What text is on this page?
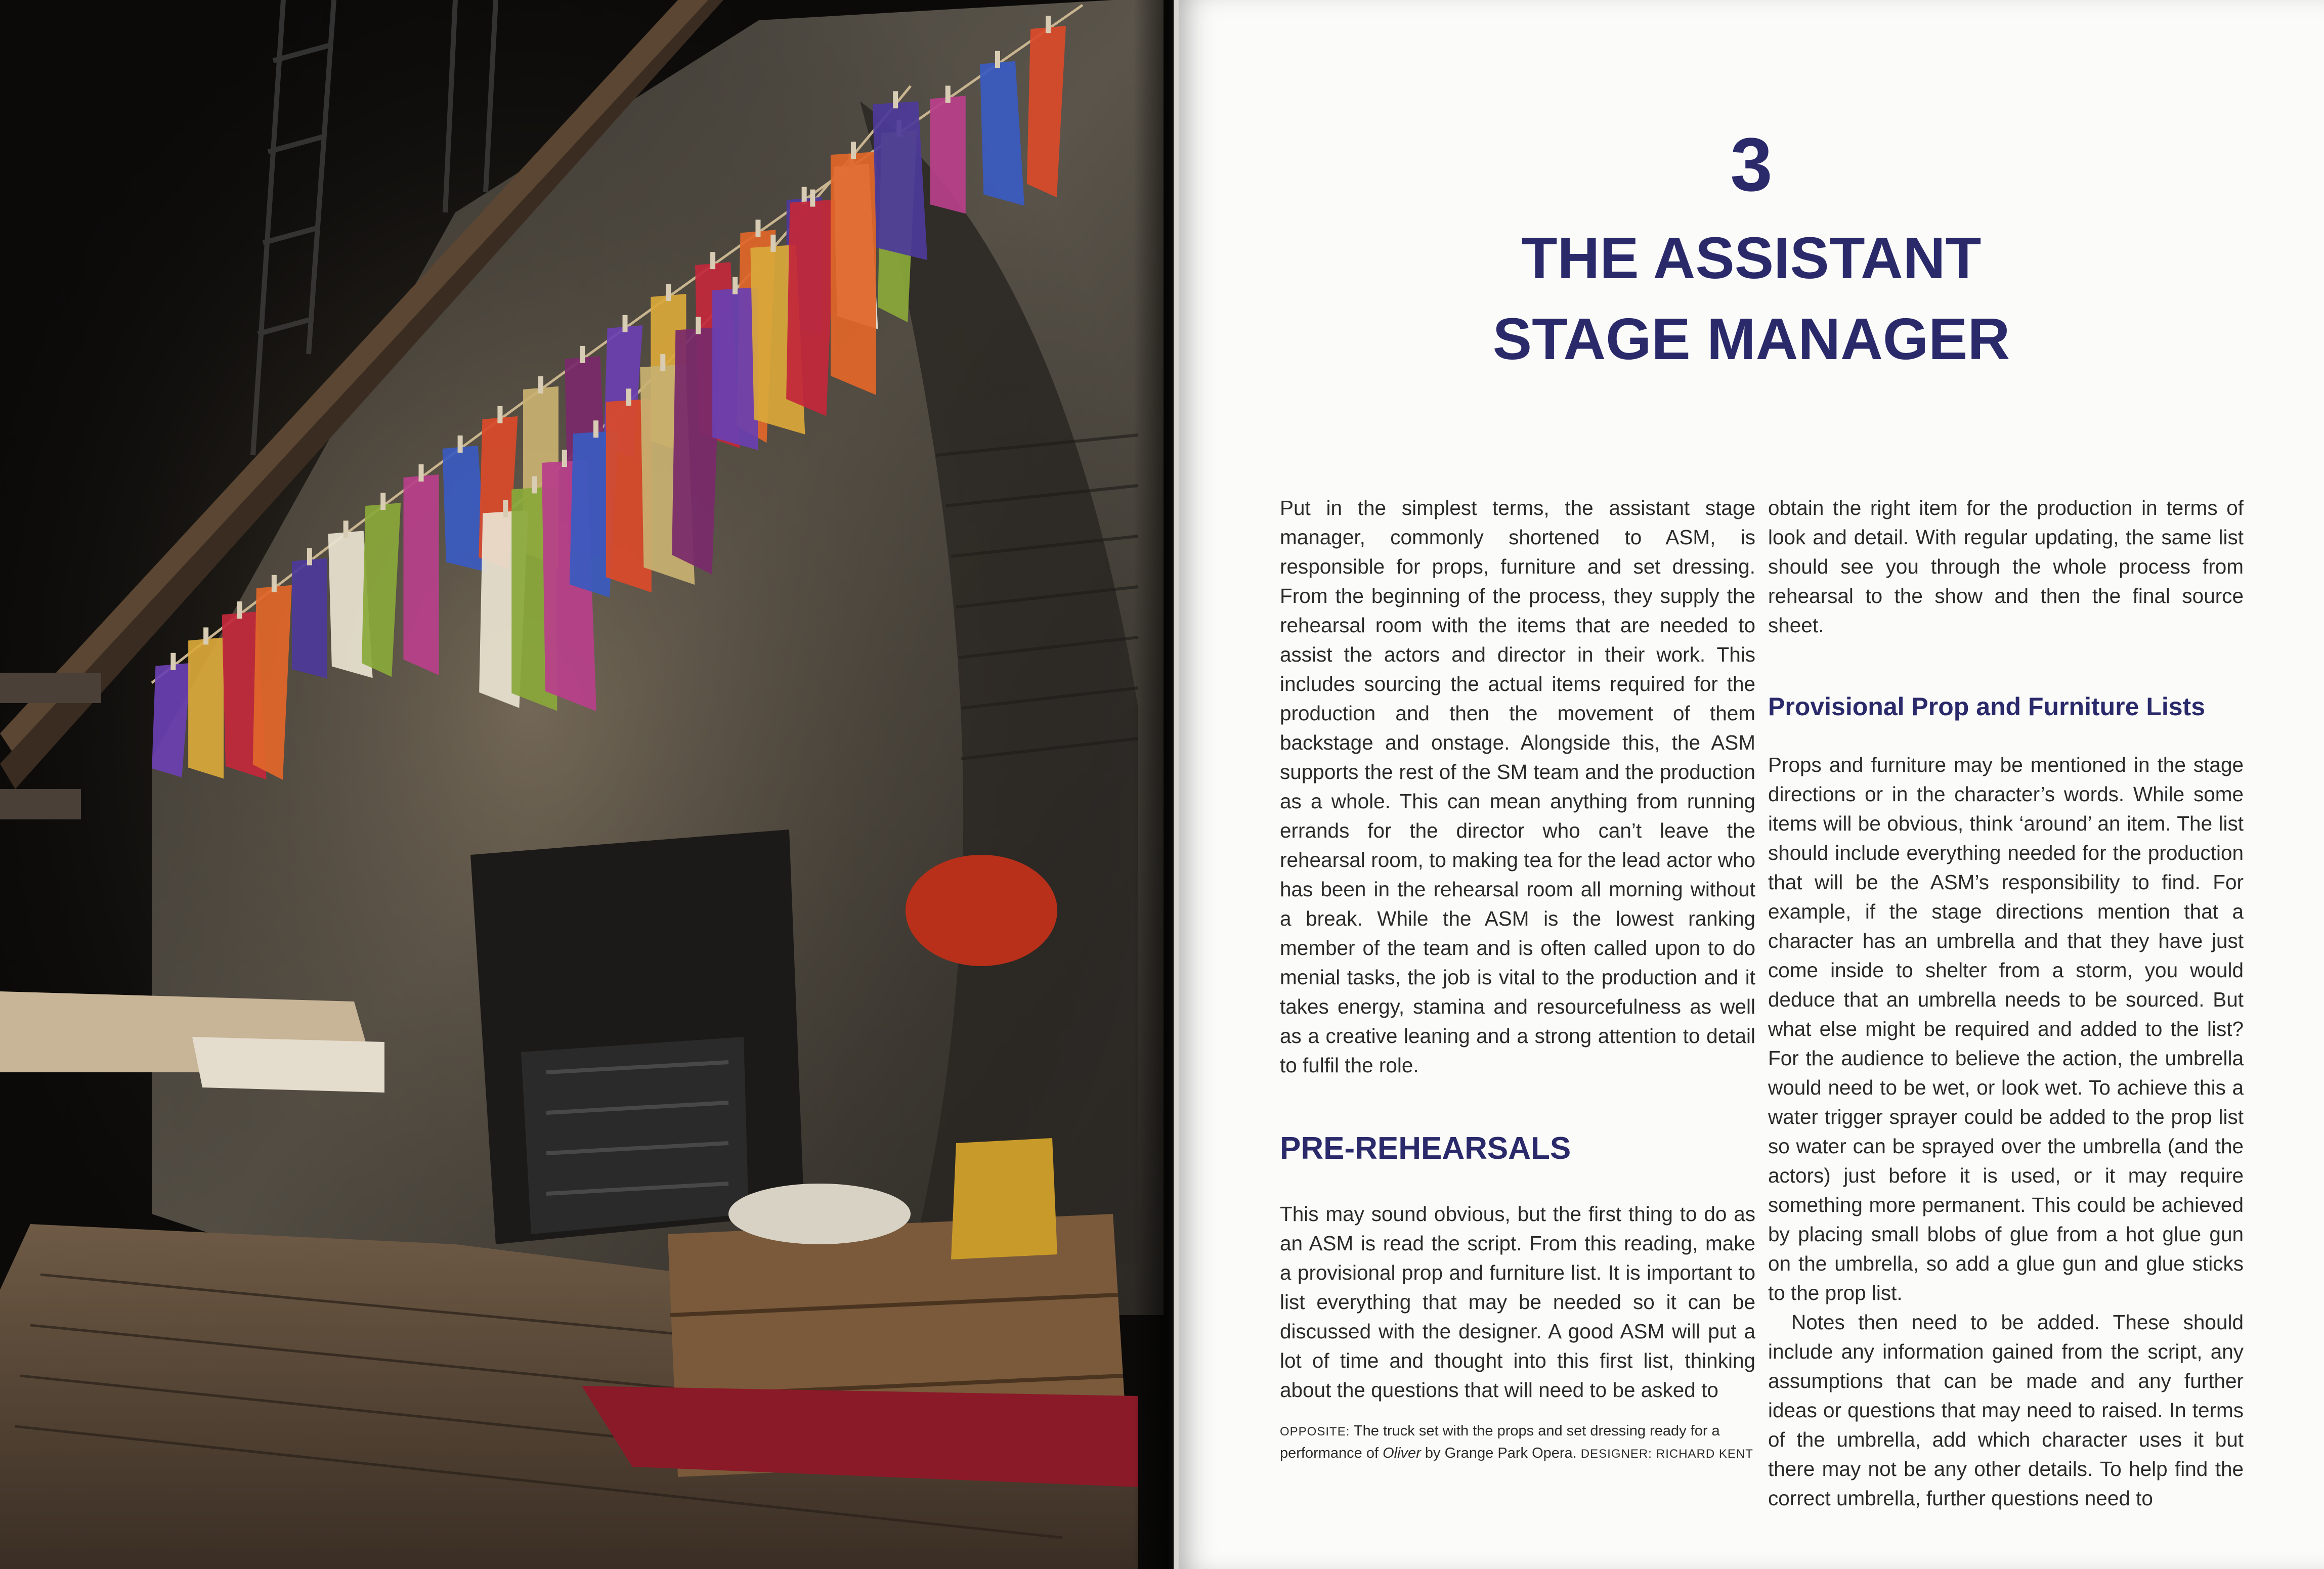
3
THE ASSISTANT
STAGE MANAGER

Put in the simplest terms, the assistant stage manager, commonly shortened to ASM, is responsible for props, furniture and set dressing. From the beginning of the process, they supply the rehearsal room with the items that are needed to assist the actors and director in their work. This includes sourcing the actual items required for the production and then the movement of them backstage and onstage. Alongside this, the ASM supports the rest of the SM team and the production as a whole. This can mean anything from running errands for the director who can’t leave the rehearsal room, to making tea for the lead actor who has been in the rehearsal room all morning without a break. While the ASM is the lowest ranking member of the team and is often called upon to do menial tasks, the job is vital to the production and it takes energy, stamina and resourcefulness as well as a creative leaning and a strong attention to detail to fulfil the role.

PRE-REHEARSALS

This may sound obvious, but the first thing to do as an ASM is read the script. From this reading, make a provisional prop and furniture list. It is important to list everything that may be needed so it can be discussed with the designer. A good ASM will put a lot of time and thought into this first list, thinking about the questions that will need to be asked to

obtain the right item for the production in terms of look and detail. With regular updating, the same list should see you through the whole process from rehearsal to the show and then the final source sheet.

Provisional Prop and Furniture Lists

Props and furniture may be mentioned in the stage directions or in the character’s words. While some items will be obvious, think ‘around’ an item. The list should include everything needed for the production that will be the ASM’s responsibility to find. For example, if the stage directions mention that a character has an umbrella and that they have just come inside to shelter from a storm, you would deduce that an umbrella needs to be sourced. But what else might be required and added to the list? For the audience to believe the action, the umbrella would need to be wet, or look wet. To achieve this a water trigger sprayer could be added to the prop list so water can be sprayed over the umbrella (and the actors) just before it is used, or it may require something more permanent. This could be achieved by placing small blobs of glue from a hot glue gun on the umbrella, so add a glue gun and glue sticks to the prop list.

Notes then need to be added. These should include any information gained from the script, any assumptions that can be made and any further ideas or questions that may need to raised. In terms of the umbrella, add which character uses it but there may not be any other details. To help find the correct umbrella, further questions need to

OPPOSITE: The truck set with the props and set dressing ready for a performance of Oliver by Grange Park Opera. DESIGNER: RICHARD KENT
